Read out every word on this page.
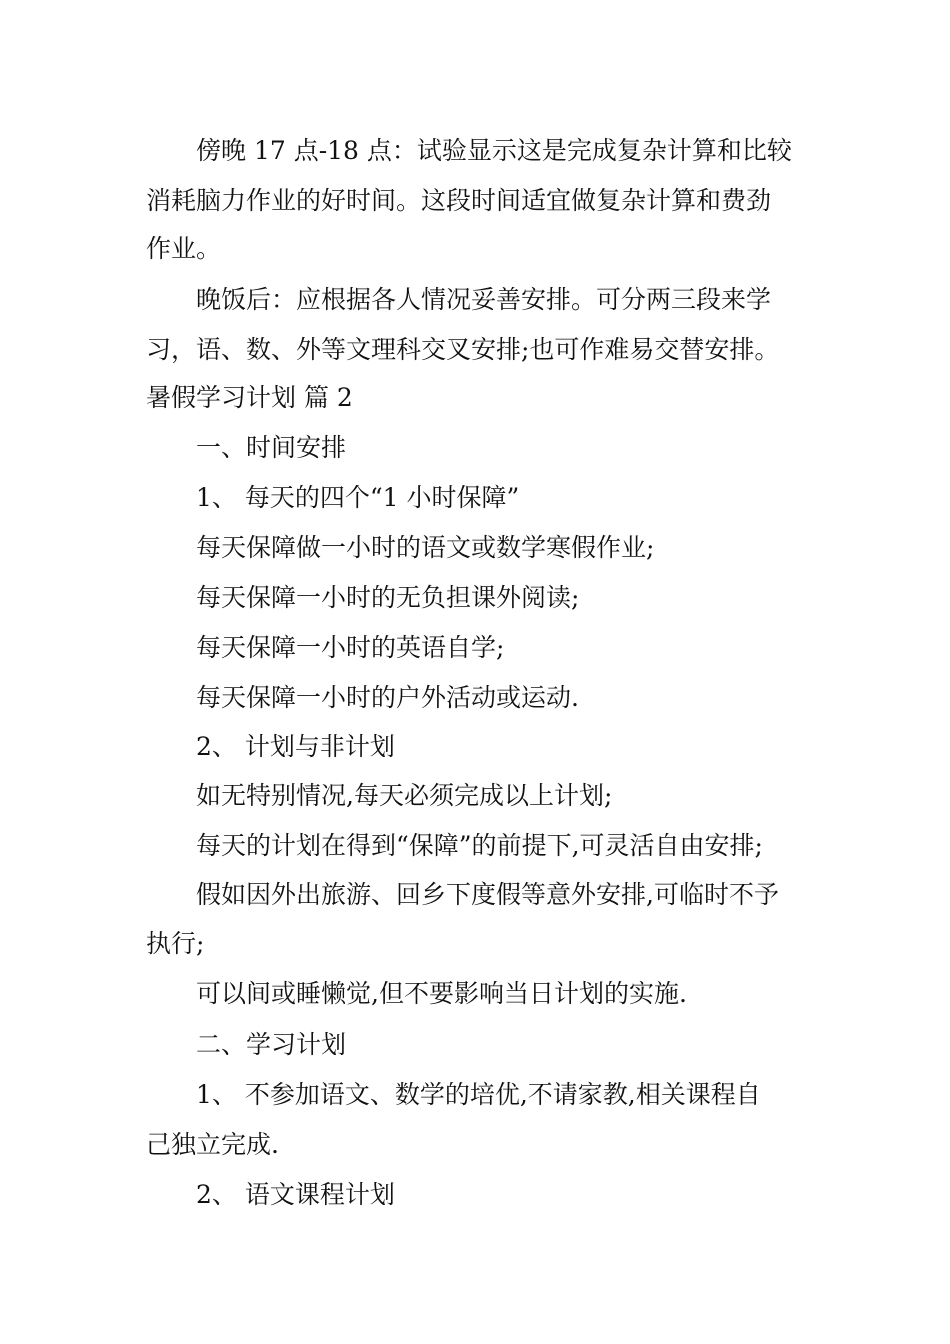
傍晚 17 点-18 点：试验显示这是完成复杂计算和比较

消耗脑力作业的好时间。这段时间适宜做复杂计算和费劲

作业。

晚饭后：应根据各人情况妥善安排。可分两三段来学

习，语、数、外等文理科交叉安排;也可作难易交替安排。

暑假学习计划 篇 2

一、时间安排

1、 每天的四个“1 小时保障”

每天保障做一小时的语文或数学寒假作业;

每天保障一小时的无负担课外阅读;

每天保障一小时的英语自学;

每天保障一小时的户外活动或运动.

2、 计划与非计划

如无特别情况,每天必须完成以上计划;

每天的计划在得到“保障”的前提下,可灵活自由安排;

假如因外出旅游、回乡下度假等意外安排,可临时不予

执行;

可以间或睡懒觉,但不要影响当日计划的实施.

二、学习计划

1、 不参加语文、数学的培优,不请家教,相关课程自

己独立完成.

2、 语文课程计划
